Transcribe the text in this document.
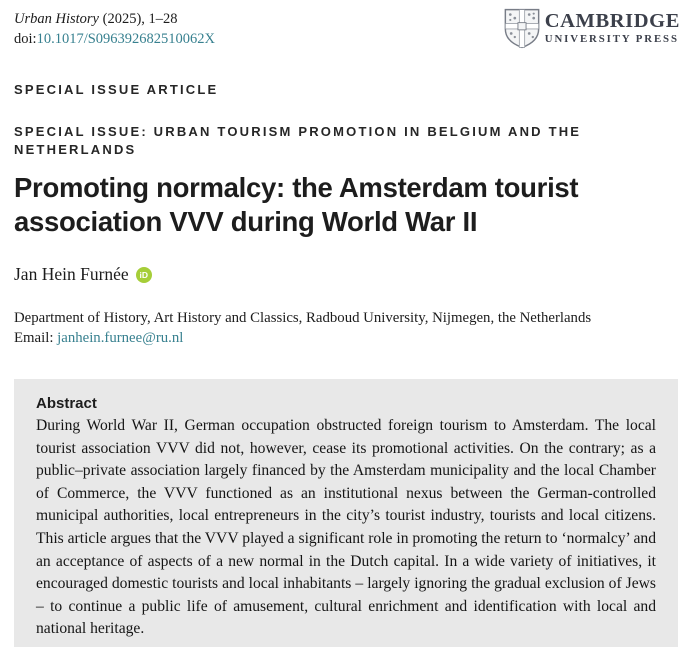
Urban History (2025), 1–28
doi:10.1017/S096392682510062X
CAMBRIDGE
UNIVERSITY PRESS
SPECIAL ISSUE ARTICLE
SPECIAL ISSUE: URBAN TOURISM PROMOTION IN BELGIUM AND THE NETHERLANDS
Promoting normalcy: the Amsterdam tourist association VVV during World War II
Jan Hein Furnée	iD
Department of History, Art History and Classics, Radboud University, Nijmegen, the Netherlands
Email: janhein.furnee@ru.nl
Abstract
During World War II, German occupation obstructed foreign tourism to Amsterdam. The local tourist association VVV did not, however, cease its promotional activities. On the contrary; as a public–private association largely financed by the Amsterdam municipality and the local Chamber of Commerce, the VVV functioned as an institutional nexus between the German-controlled municipal authorities, local entrepreneurs in the city’s tourist industry, tourists and local citizens. This article argues that the VVV played a significant role in promoting the return to ‘normalcy’ and an acceptance of aspects of a new normal in the Dutch capital. In a wide variety of initiatives, it encouraged domestic tourists and local inhabitants – largely ignoring the gradual exclusion of Jews – to continue a public life of amusement, cultural enrichment and identification with local and national heritage.
